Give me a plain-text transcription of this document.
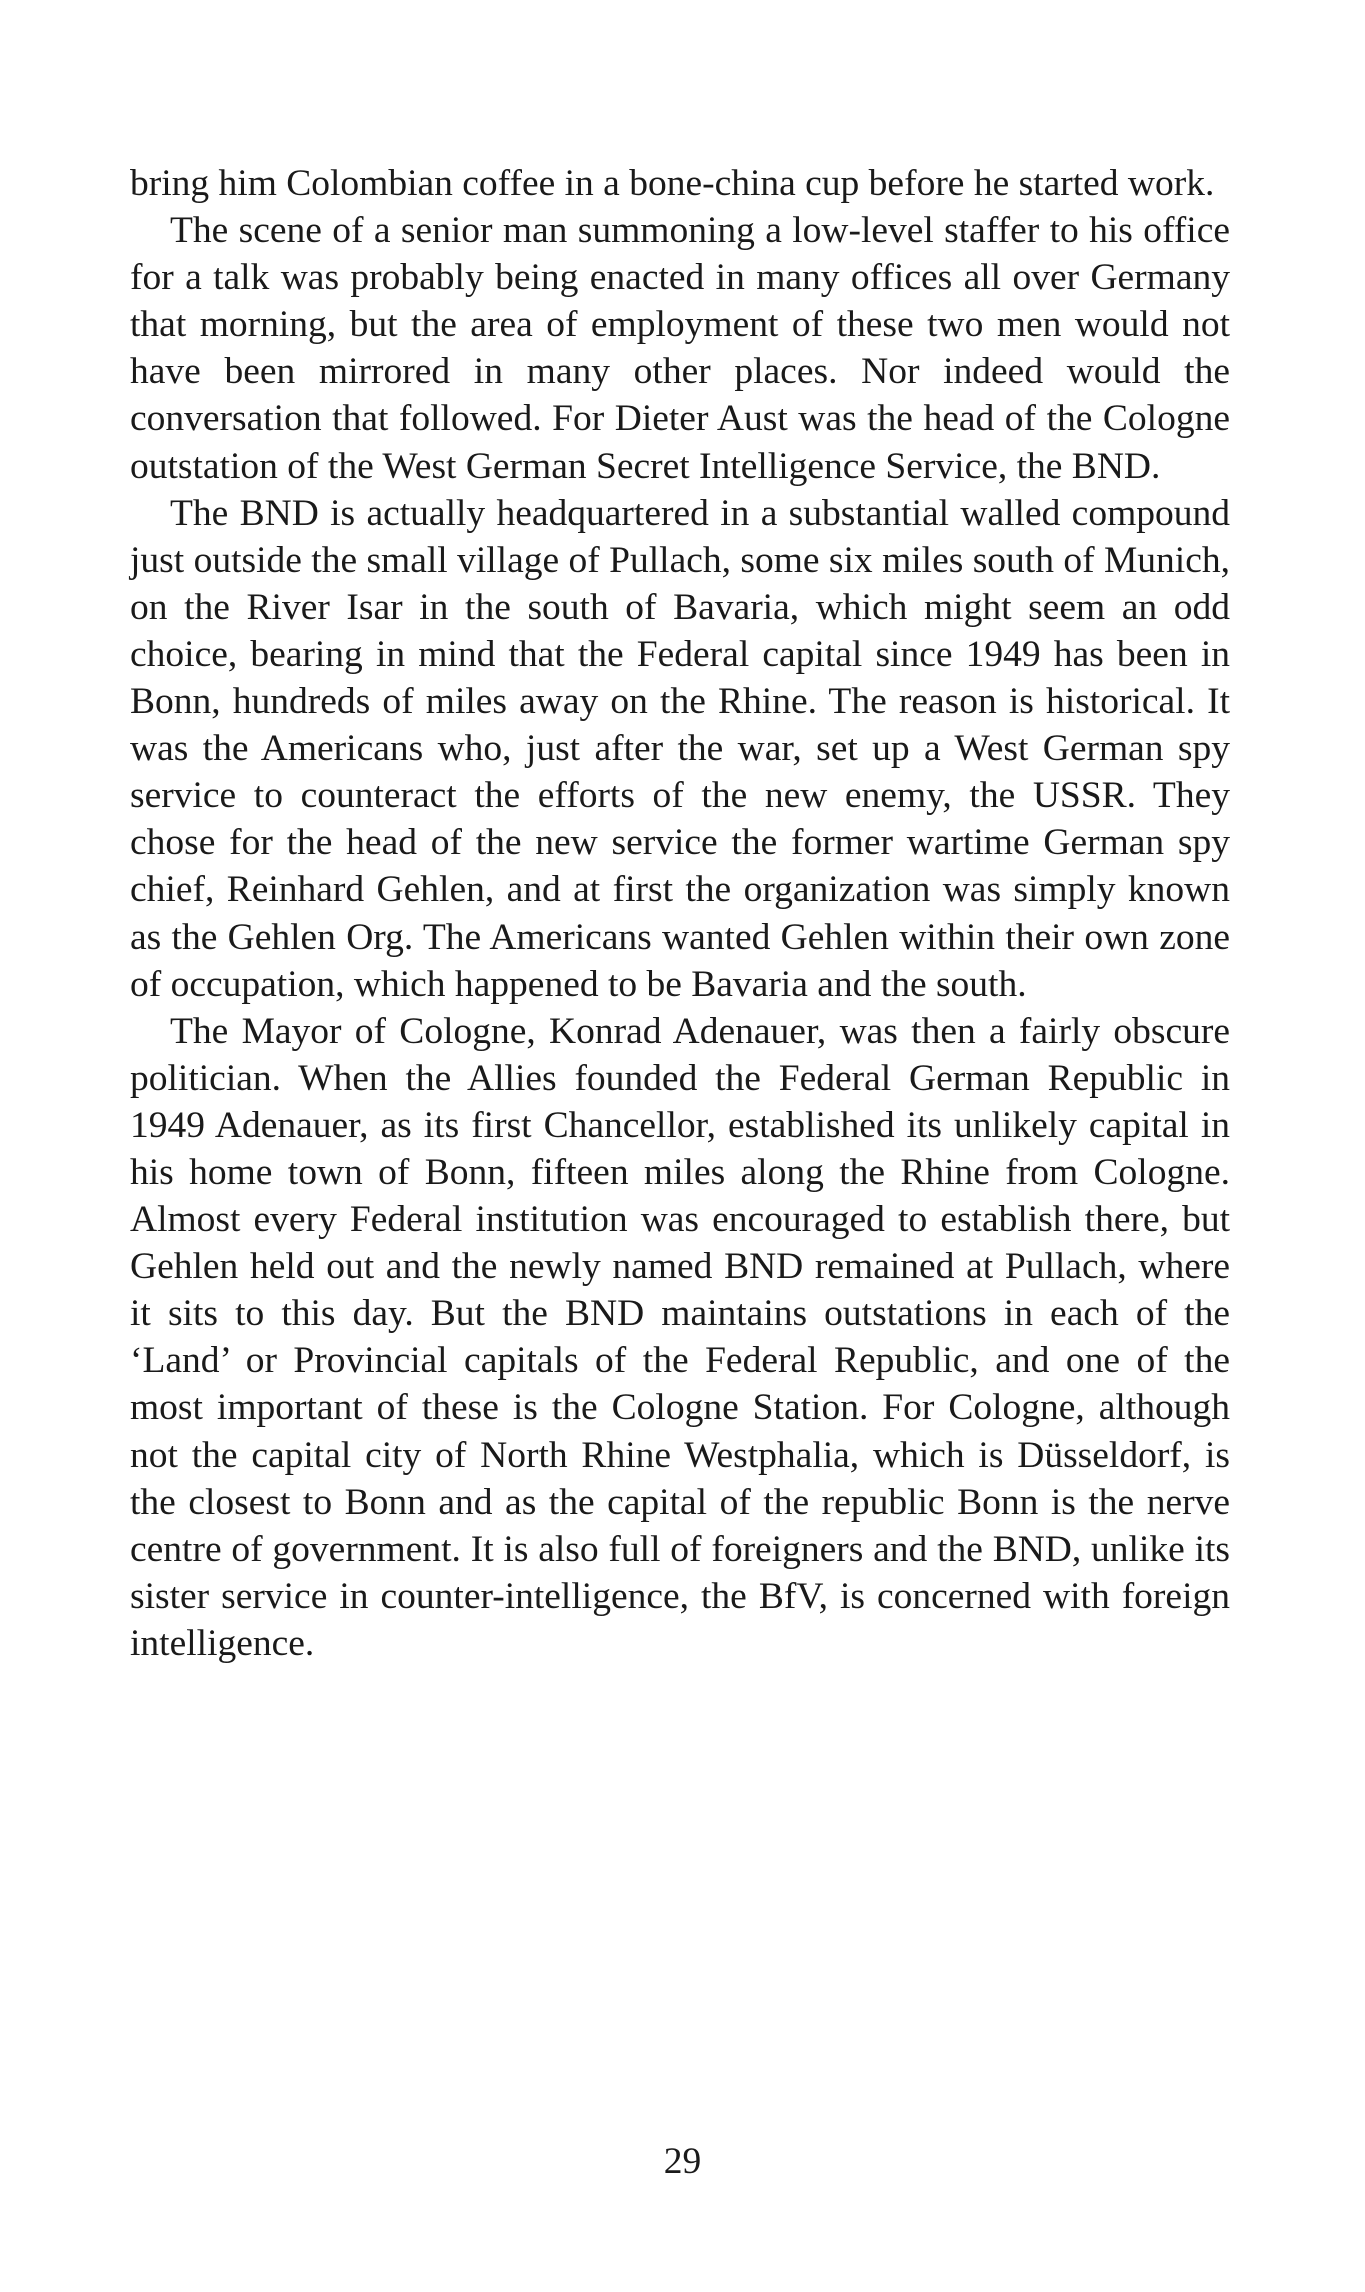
bring him Colombian coffee in a bone-china cup before he started work.

The scene of a senior man summoning a low-level staffer to his office for a talk was probably being enacted in many offices all over Germany that morning, but the area of employment of these two men would not have been mirrored in many other places. Nor indeed would the conversation that followed. For Dieter Aust was the head of the Cologne outstation of the West German Secret Intelligence Service, the BND.

The BND is actually headquartered in a substantial walled compound just outside the small village of Pullach, some six miles south of Munich, on the River Isar in the south of Bavaria, which might seem an odd choice, bearing in mind that the Federal capital since 1949 has been in Bonn, hundreds of miles away on the Rhine. The reason is historical. It was the Americans who, just after the war, set up a West German spy service to counteract the efforts of the new enemy, the USSR. They chose for the head of the new service the former wartime German spy chief, Reinhard Gehlen, and at first the organization was simply known as the Gehlen Org. The Americans wanted Gehlen within their own zone of occupation, which happened to be Bavaria and the south.

The Mayor of Cologne, Konrad Adenauer, was then a fairly obscure politician. When the Allies founded the Federal German Republic in 1949 Adenauer, as its first Chancellor, established its unlikely capital in his home town of Bonn, fifteen miles along the Rhine from Cologne. Almost every Federal institution was encouraged to establish there, but Gehlen held out and the newly named BND remained at Pullach, where it sits to this day. But the BND maintains outstations in each of the ‘Land’ or Provincial capitals of the Federal Republic, and one of the most important of these is the Cologne Station. For Cologne, although not the capital city of North Rhine Westphalia, which is Düsseldorf, is the closest to Bonn and as the capital of the republic Bonn is the nerve centre of government. It is also full of foreigners and the BND, unlike its sister service in counter-intelligence, the BfV, is concerned with foreign intelligence.

29
